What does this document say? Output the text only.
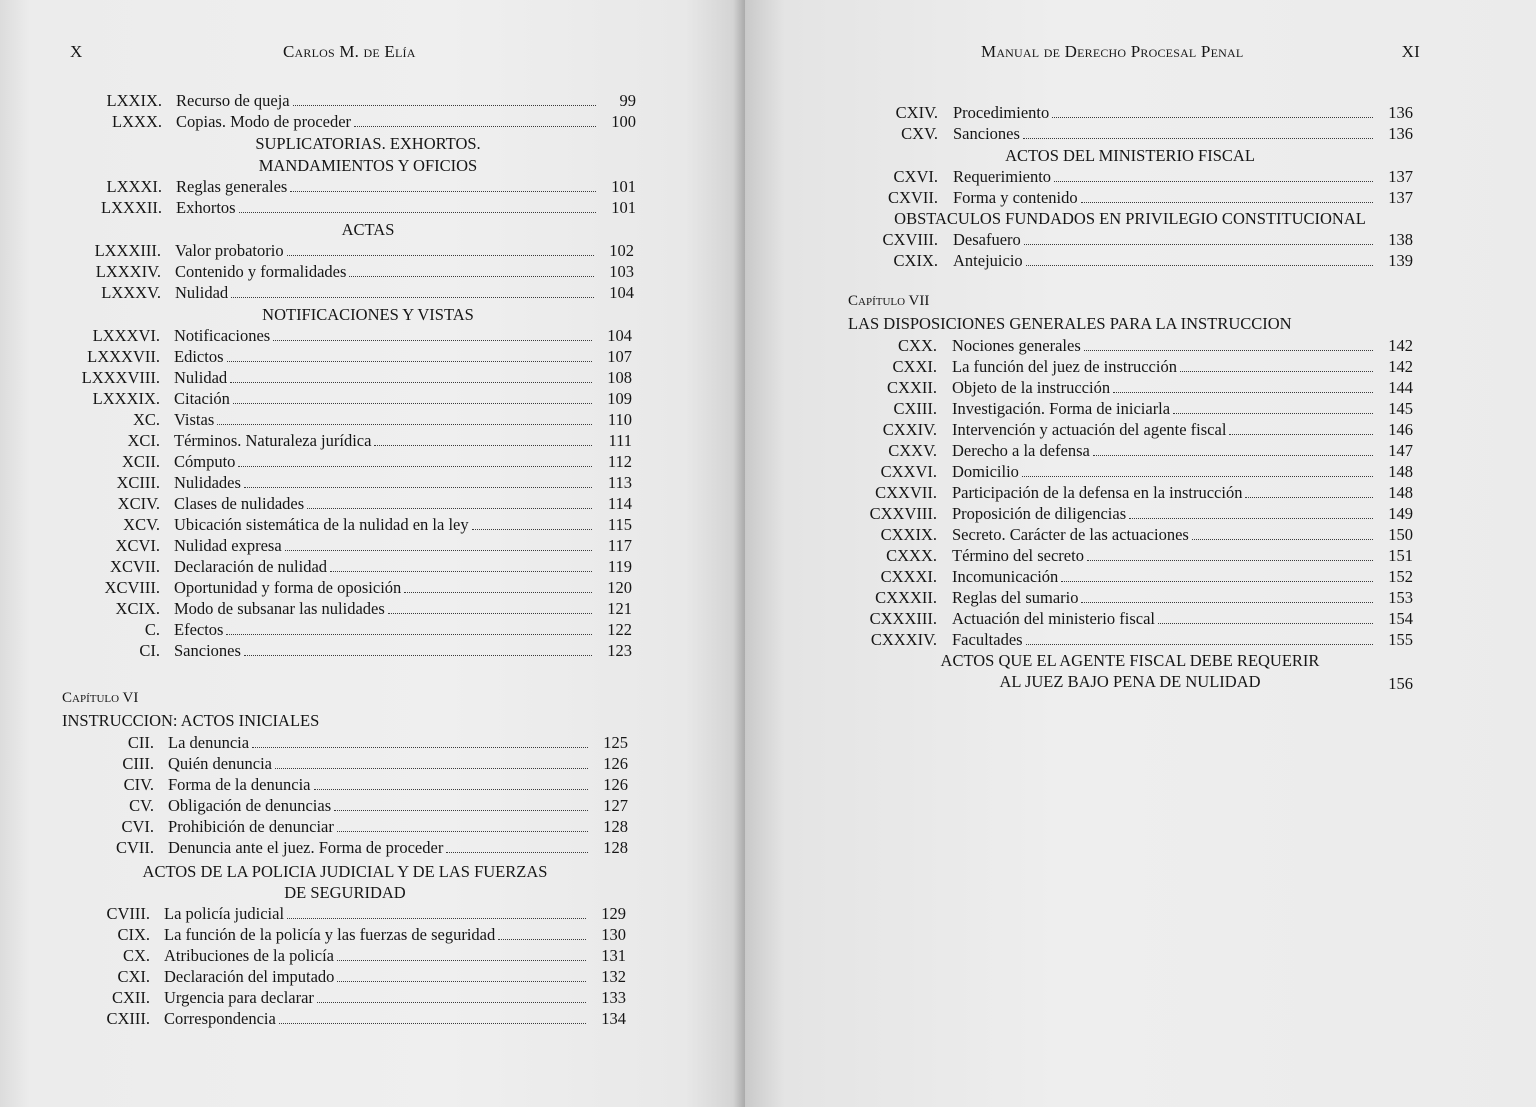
X	Carlos M. de Elía
LXXIX. Recurso de queja	99
LXXX. Copias. Modo de proceder	100
SUPLICATORIAS. EXHORTOS.
MANDAMIENTOS Y OFICIOS
LXXXI. Reglas generales	101
LXXXII. Exhortos	101
ACTAS
LXXXIII. Valor probatorio	102
LXXXIV. Contenido y formalidades	103
LXXXV. Nulidad	104
NOTIFICACIONES Y VISTAS
LXXXVI. Notificaciones	104
LXXXVII. Edictos	107
LXXXVIII. Nulidad	108
LXXXIX. Citación	109
XC. Vistas	110
XCI. Términos. Naturaleza jurídica	111
XCII. Cómputo	112
XCIII. Nulidades	113
XCIV. Clases de nulidades	114
XCV. Ubicación sistemática de la nulidad en la ley	115
XCVI. Nulidad expresa	117
XCVII. Declaración de nulidad	119
XCVIII. Oportunidad y forma de oposición	120
XCIX. Modo de subsanar las nulidades	121
C. Efectos	122
CI. Sanciones	123
Capítulo VI
INSTRUCCION: ACTOS INICIALES
CII. La denuncia	125
CIII. Quién denuncia	126
CIV. Forma de la denuncia	126
CV. Obligación de denuncias	127
CVI. Prohibición de denunciar	128
CVII. Denuncia ante el juez. Forma de proceder	128
ACTOS DE LA POLICIA JUDICIAL Y DE LAS FUERZAS
DE SEGURIDAD
CVIII. La policía judicial	129
CIX. La función de la policía y las fuerzas de seguridad	130
CX. Atribuciones de la policía	131
CXI. Declaración del imputado	132
CXII. Urgencia para declarar	133
CXIII. Correspondencia	134
Manual de Derecho Procesal Penal	XI
CXIV. Procedimiento	136
CXV. Sanciones	136
ACTOS DEL MINISTERIO FISCAL
CXVI. Requerimiento	137
CXVII. Forma y contenido	137
OBSTACULOS FUNDADOS EN PRIVILEGIO CONSTITUCIONAL
CXVIII. Desafuero	138
CXIX. Antejuicio	139
Capítulo VII
LAS DISPOSICIONES GENERALES PARA LA INSTRUCCION
CXX. Nociones generales	142
CXXI. La función del juez de instrucción	142
CXXII. Objeto de la instrucción	144
CXIII. Investigación. Forma de iniciarla	145
CXXIV. Intervención y actuación del agente fiscal	146
CXXV. Derecho a la defensa	147
CXXVI. Domicilio	148
CXXVII. Participación de la defensa en la instrucción	148
CXXVIII. Proposición de diligencias	149
CXXIX. Secreto. Carácter de las actuaciones	150
CXXX. Término del secreto	151
CXXXI. Incomunicación	152
CXXXII. Reglas del sumario	153
CXXXIII. Actuación del ministerio fiscal	154
CXXXIV. Facultades	155
ACTOS QUE EL AGENTE FISCAL DEBE REQUERIR
AL JUEZ BAJO PENA DE NULIDAD	156
